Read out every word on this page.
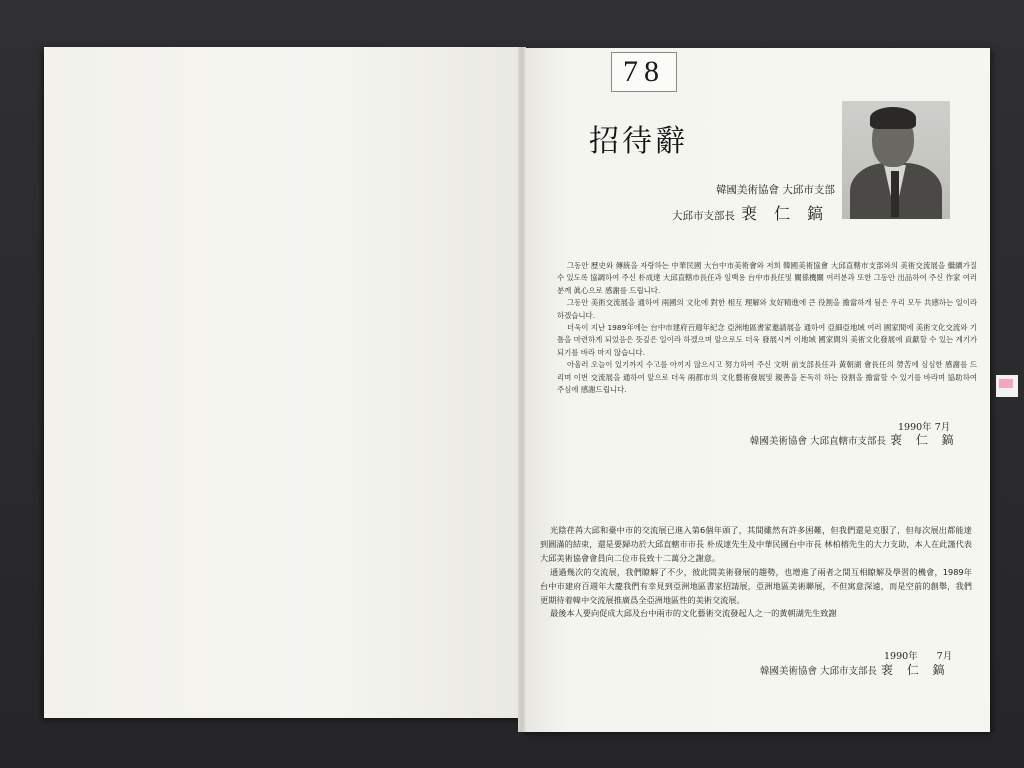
78
招待辭
韓國美術協會 大邱市支部
大邱市支部長 裵 仁 鎬

그동안 歷史와 傳統을 자랑하는 中華民國 大台中市美術會와 저희 韓國美術協會 大邱直轄市支部와의 美術交流展을 繼續가질수 있도록 協調하여 주신 朴成達 大邱直轄市長任과 임백용 台中市長任및 關係機關 여러분과 또한 그동안 出品하여 주신 作家 여러분께 眞心으로 感謝를 드립니다.

그동안 美術交流展을 通하여 兩國의 文化에 對한 相互 理解와 友好精進에 큰 役割을 擔當하게 됨은 우리 모두 共感하는 일이라 하겠습니다.

더욱이 지난 1989年에는 台中市建府百週年紀念 亞洲地區書家邀請展을 通하여 亞細亞地域 여러 國家間에 美術文化交流와 기틀을 마련하게 되었음은 뜻깊은 일이라 하겠으며 앞으로도 더욱 發展시켜 이地域 國家間의 美術文化發展에 貢獻할 수 있는 계기가 되기를 바라 마지 않습니다.

아울러 오늘이 있기까지 수고를 아끼지 않으시고 努力하여 주신 文明 前支部長任과 黃朝湖 會長任의 勞苦에 심심한 感謝를 드리며 이번 交流展을 通하여 앞으로 더욱 兩都市의 文化藝術發展및 親善을 돈독히 하는 役割을 擔當할 수 있기를 바라며 協助하여 주심에 感謝드립니다.

1990年 7月
韓國美術協會 大邱直轄市支部長 裵 仁 鎬

光陰荏苒大邱和臺中市的交流展已進入第6個年頭了，其間雖然有許多困難，但我們還是克服了，但每次展出都能達到圓滿的結束，還是要歸功於大邱直轄市市長 朴成達先生及中華民國台中市長 林柏榕先生的大力支助，本人在此謹代表大邱美術協會會員向二位市長致十二萬分之謝意。

通過幾次的交流展，我們瞭解了不少，彼此間美術發展的趨勢，也增進了兩者之間互相瞭解及學習的機會，1989年台中市建府百週年大慶我們有幸見到亞洲地區書家招請展，亞洲地區美術聯展，不但寓意深遠，而是空前的創舉，我們更期待着韓中交流展推廣爲全亞洲地區性的美術交流展。

最後本人要向促成大邱及台中兩市的文化藝術交流發起人之一的黃朝湖先生致謝

1990年　　7月
韓國美術協會 大邱市支部長 裵 仁 鎬
